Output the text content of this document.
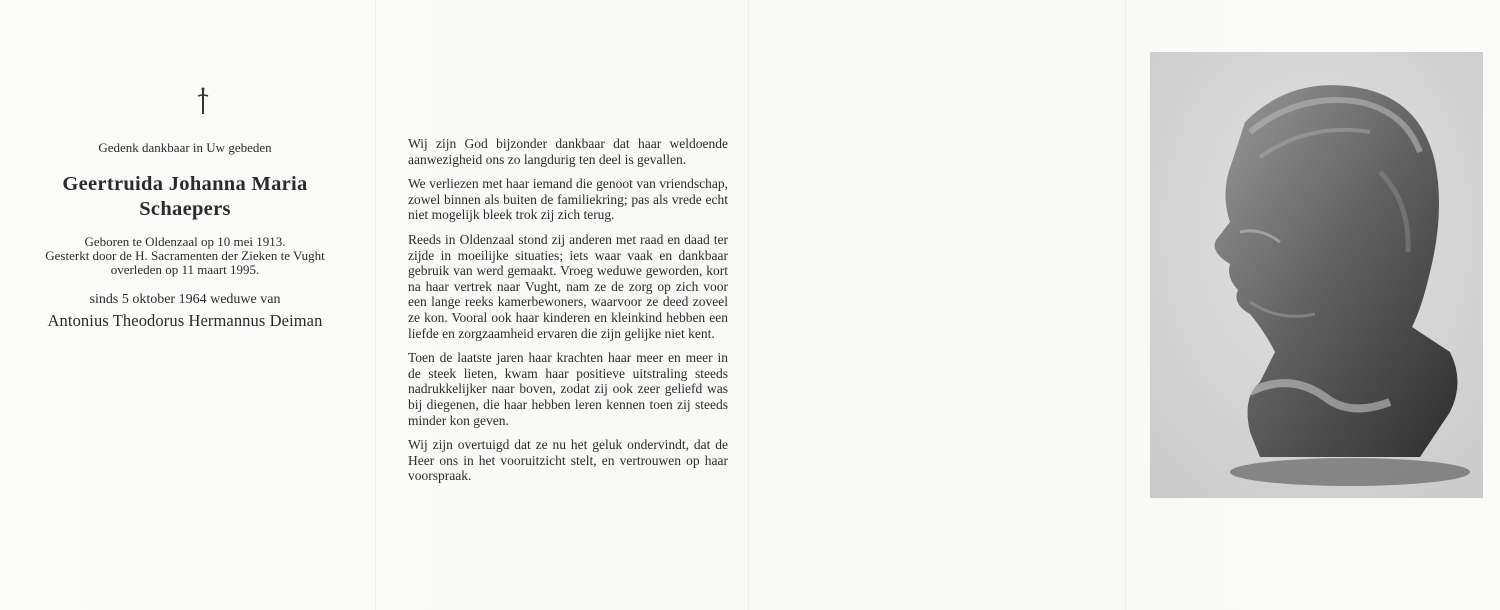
Gedenk dankbaar in Uw gebeden
Geertruida Johanna Maria
Schaepers
Geboren te Oldenzaal op 10 mei 1913.
Gesterkt door de H. Sacramenten der Zieken te Vught
overleden op 11 maart 1995.
sinds 5 oktober 1964 weduwe van
Antonius Theodorus Hermannus Deiman

Wij zijn God bijzonder dankbaar dat haar weldoende aanwezigheid ons zo langdurig ten deel is gevallen.

We verliezen met haar iemand die genoot van vriendschap, zowel binnen als buiten de familiekring; pas als vrede echt niet mogelijk bleek trok zij zich terug.

Reeds in Oldenzaal stond zij anderen met raad en daad ter zijde in moeilijke situaties; iets waar vaak en dankbaar gebruik van werd gemaakt. Vroeg weduwe geworden, kort na haar vertrek naar Vught, nam ze de zorg op zich voor een lange reeks kamerbewoners, waarvoor ze deed zoveel ze kon. Vooral ook haar kinderen en kleinkind hebben een liefde en zorgzaamheid ervaren die zijn gelijke niet kent.

Toen de laatste jaren haar krachten haar meer en meer in de steek lieten, kwam haar positieve uitstraling steeds nadrukkelijker naar boven, zodat zij ook zeer geliefd was bij diegenen, die haar hebben leren kennen toen zij steeds minder kon geven.

Wij zijn overtuigd dat ze nu het geluk ondervindt, dat de Heer ons in het vooruitzicht stelt, en vertrouwen op haar voorspraak.
